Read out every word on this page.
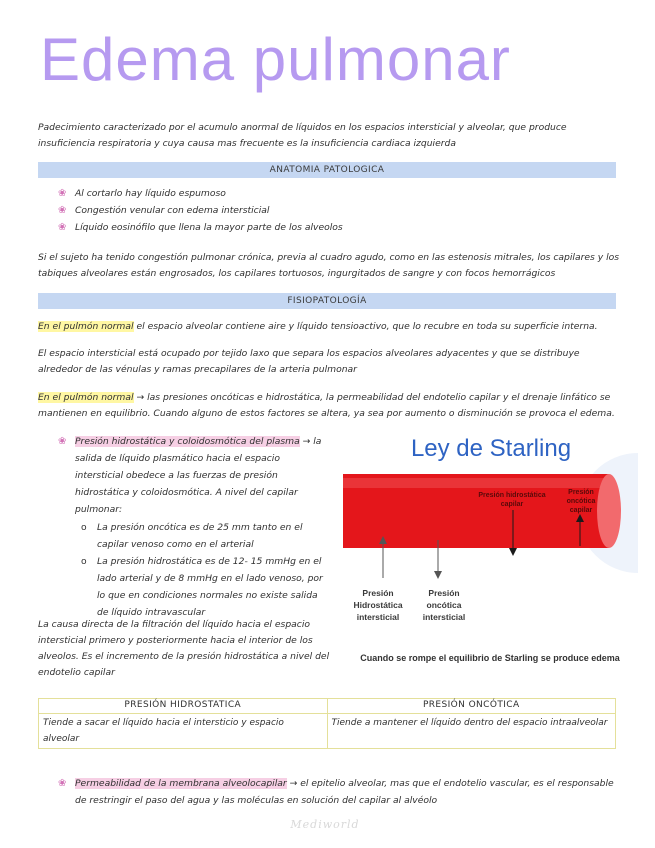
Edema pulmonar

Padecimiento caracterizado por el acumulo anormal de líquidos en los espacios intersticial y alveolar, que produce insuficiencia respiratoria y cuya causa mas frecuente es la insuficiencia cardiaca izquierda

ANATOMIA PATOLOGICA
❀ Al cortarlo hay líquido espumoso
❀ Congestión venular con edema intersticial
❀ Líquido eosinófilo que llena la mayor parte de los alveolos

Si el sujeto ha tenido congestión pulmonar crónica, previa al cuadro agudo, como en las estenosis mitrales, los capilares y los tabiques alveolares están engrosados, los capilares tortuosos, ingurgitados de sangre y con focos hemorrágicos

FISIOPATOLOGÍA

En el pulmón normal el espacio alveolar contiene aire y líquido tensioactivo, que lo recubre en toda su superficie interna.

El espacio intersticial está ocupado por tejido laxo que separa los espacios alveolares adyacentes y que se distribuye alrededor de las vénulas y ramas precapilares de la arteria pulmonar

En el pulmón normal → las presiones oncóticas e hidrostática, la permeabilidad del endotelio capilar y el drenaje linfático se mantienen en equilibrio. Cuando alguno de estos factores se altera, ya sea por aumento o disminución se provoca el edema.

❀ Presión hidrostática y coloidosmótica del plasma → la salida de líquido plasmático hacia el espacio intersticial obedece a las fuerzas de presión hidrostática y coloidosmótica. A nivel del capilar pulmonar:
o	La presión oncótica es de 25 mm tanto en el capilar venoso como en el arterial
o	La presión hidrostática es de 12- 15 mmHg en el lado arterial y de 8 mmHg en el lado venoso, por lo que en condiciones normales no existe salida de líquido intravascular

La causa directa de la filtración del líquido hacia el espacio intersticial primero y posteriormente hacia el interior de los alveolos. Es el incremento de la presión hidrostática a nivel del endotelio capilar

Ley de Starling
Presión hidrostática
capilar
Presión
oncótica
capilar
Presión
Hidrostática
intersticial
Presión
oncótica
intersticial
Cuando se rompe el equilibrio de Starling se produce edema
PRESIÓN HIDROSTATICA	PRESIÓN ONCÓTICA
Tiende a sacar el líquido hacia el intersticio y espacio alveolar	Tiende a mantener el líquido dentro del espacio intraalveolar
❀ Permeabilidad de la membrana alveolocapilar → el epitelio alveolar, mas que el endotelio vascular, es el responsable de restringir el paso del agua y las moléculas en solución del capilar al alvéolo
Mediworld
